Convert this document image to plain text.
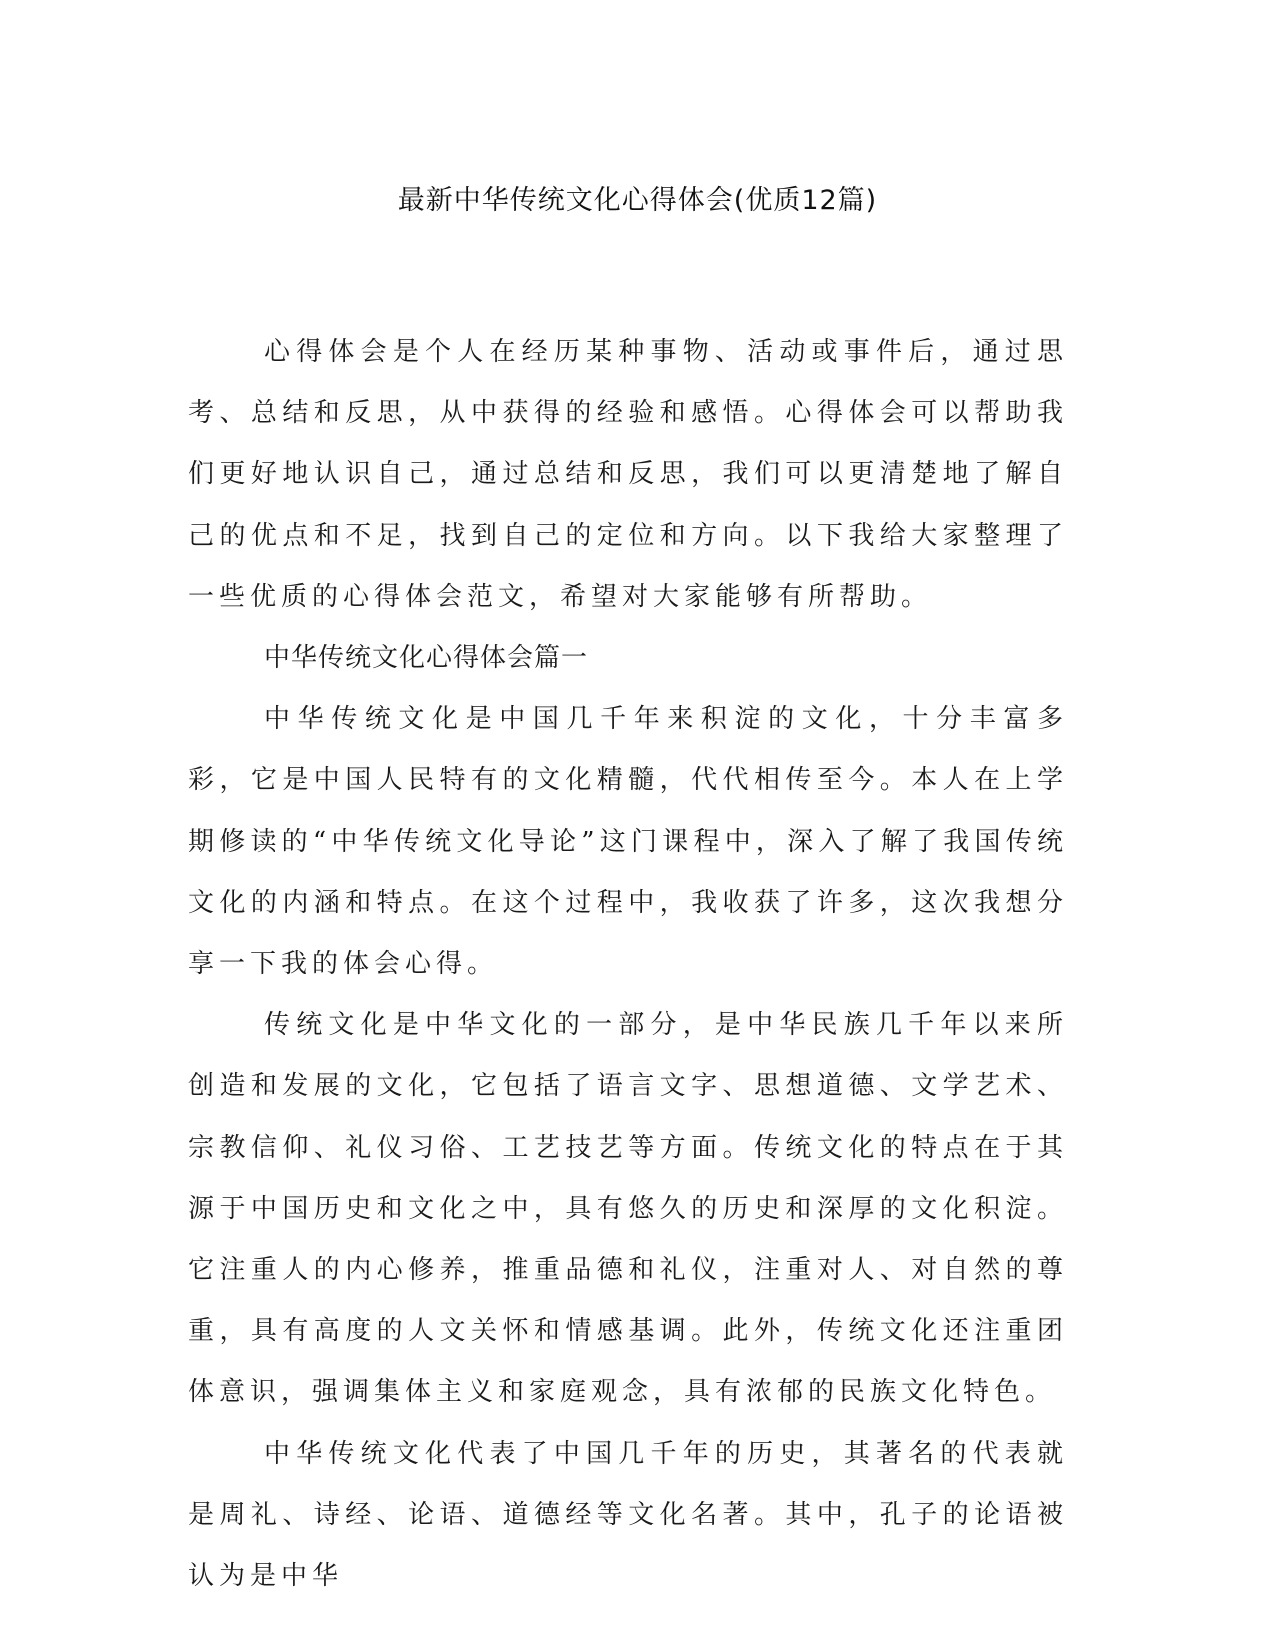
最新中华传统文化心得体会(优质12篇)

心得体会是个人在经历某种事物、活动或事件后，通过思考、总结和反思，从中获得的经验和感悟。心得体会可以帮助我们更好地认识自己，通过总结和反思，我们可以更清楚地了解自己的优点和不足，找到自己的定位和方向。以下我给大家整理了一些优质的心得体会范文，希望对大家能够有所帮助。

中华传统文化心得体会篇一

中华传统文化是中国几千年来积淀的文化，十分丰富多彩，它是中国人民特有的文化精髓，代代相传至今。本人在上学期修读的“中华传统文化导论”这门课程中，深入了解了我国传统文化的内涵和特点。在这个过程中，我收获了许多，这次我想分享一下我的体会心得。

传统文化是中华文化的一部分，是中华民族几千年以来所创造和发展的文化，它包括了语言文字、思想道德、文学艺术、宗教信仰、礼仪习俗、工艺技艺等方面。传统文化的特点在于其源于中国历史和文化之中，具有悠久的历史和深厚的文化积淀。它注重人的内心修养，推重品德和礼仪，注重对人、对自然的尊重，具有高度的人文关怀和情感基调。此外，传统文化还注重团体意识，强调集体主义和家庭观念，具有浓郁的民族文化特色。

中华传统文化代表了中国几千年的历史，其著名的代表就是周礼、诗经、论语、道德经等文化名著。其中，孔子的论语被认为是中华
